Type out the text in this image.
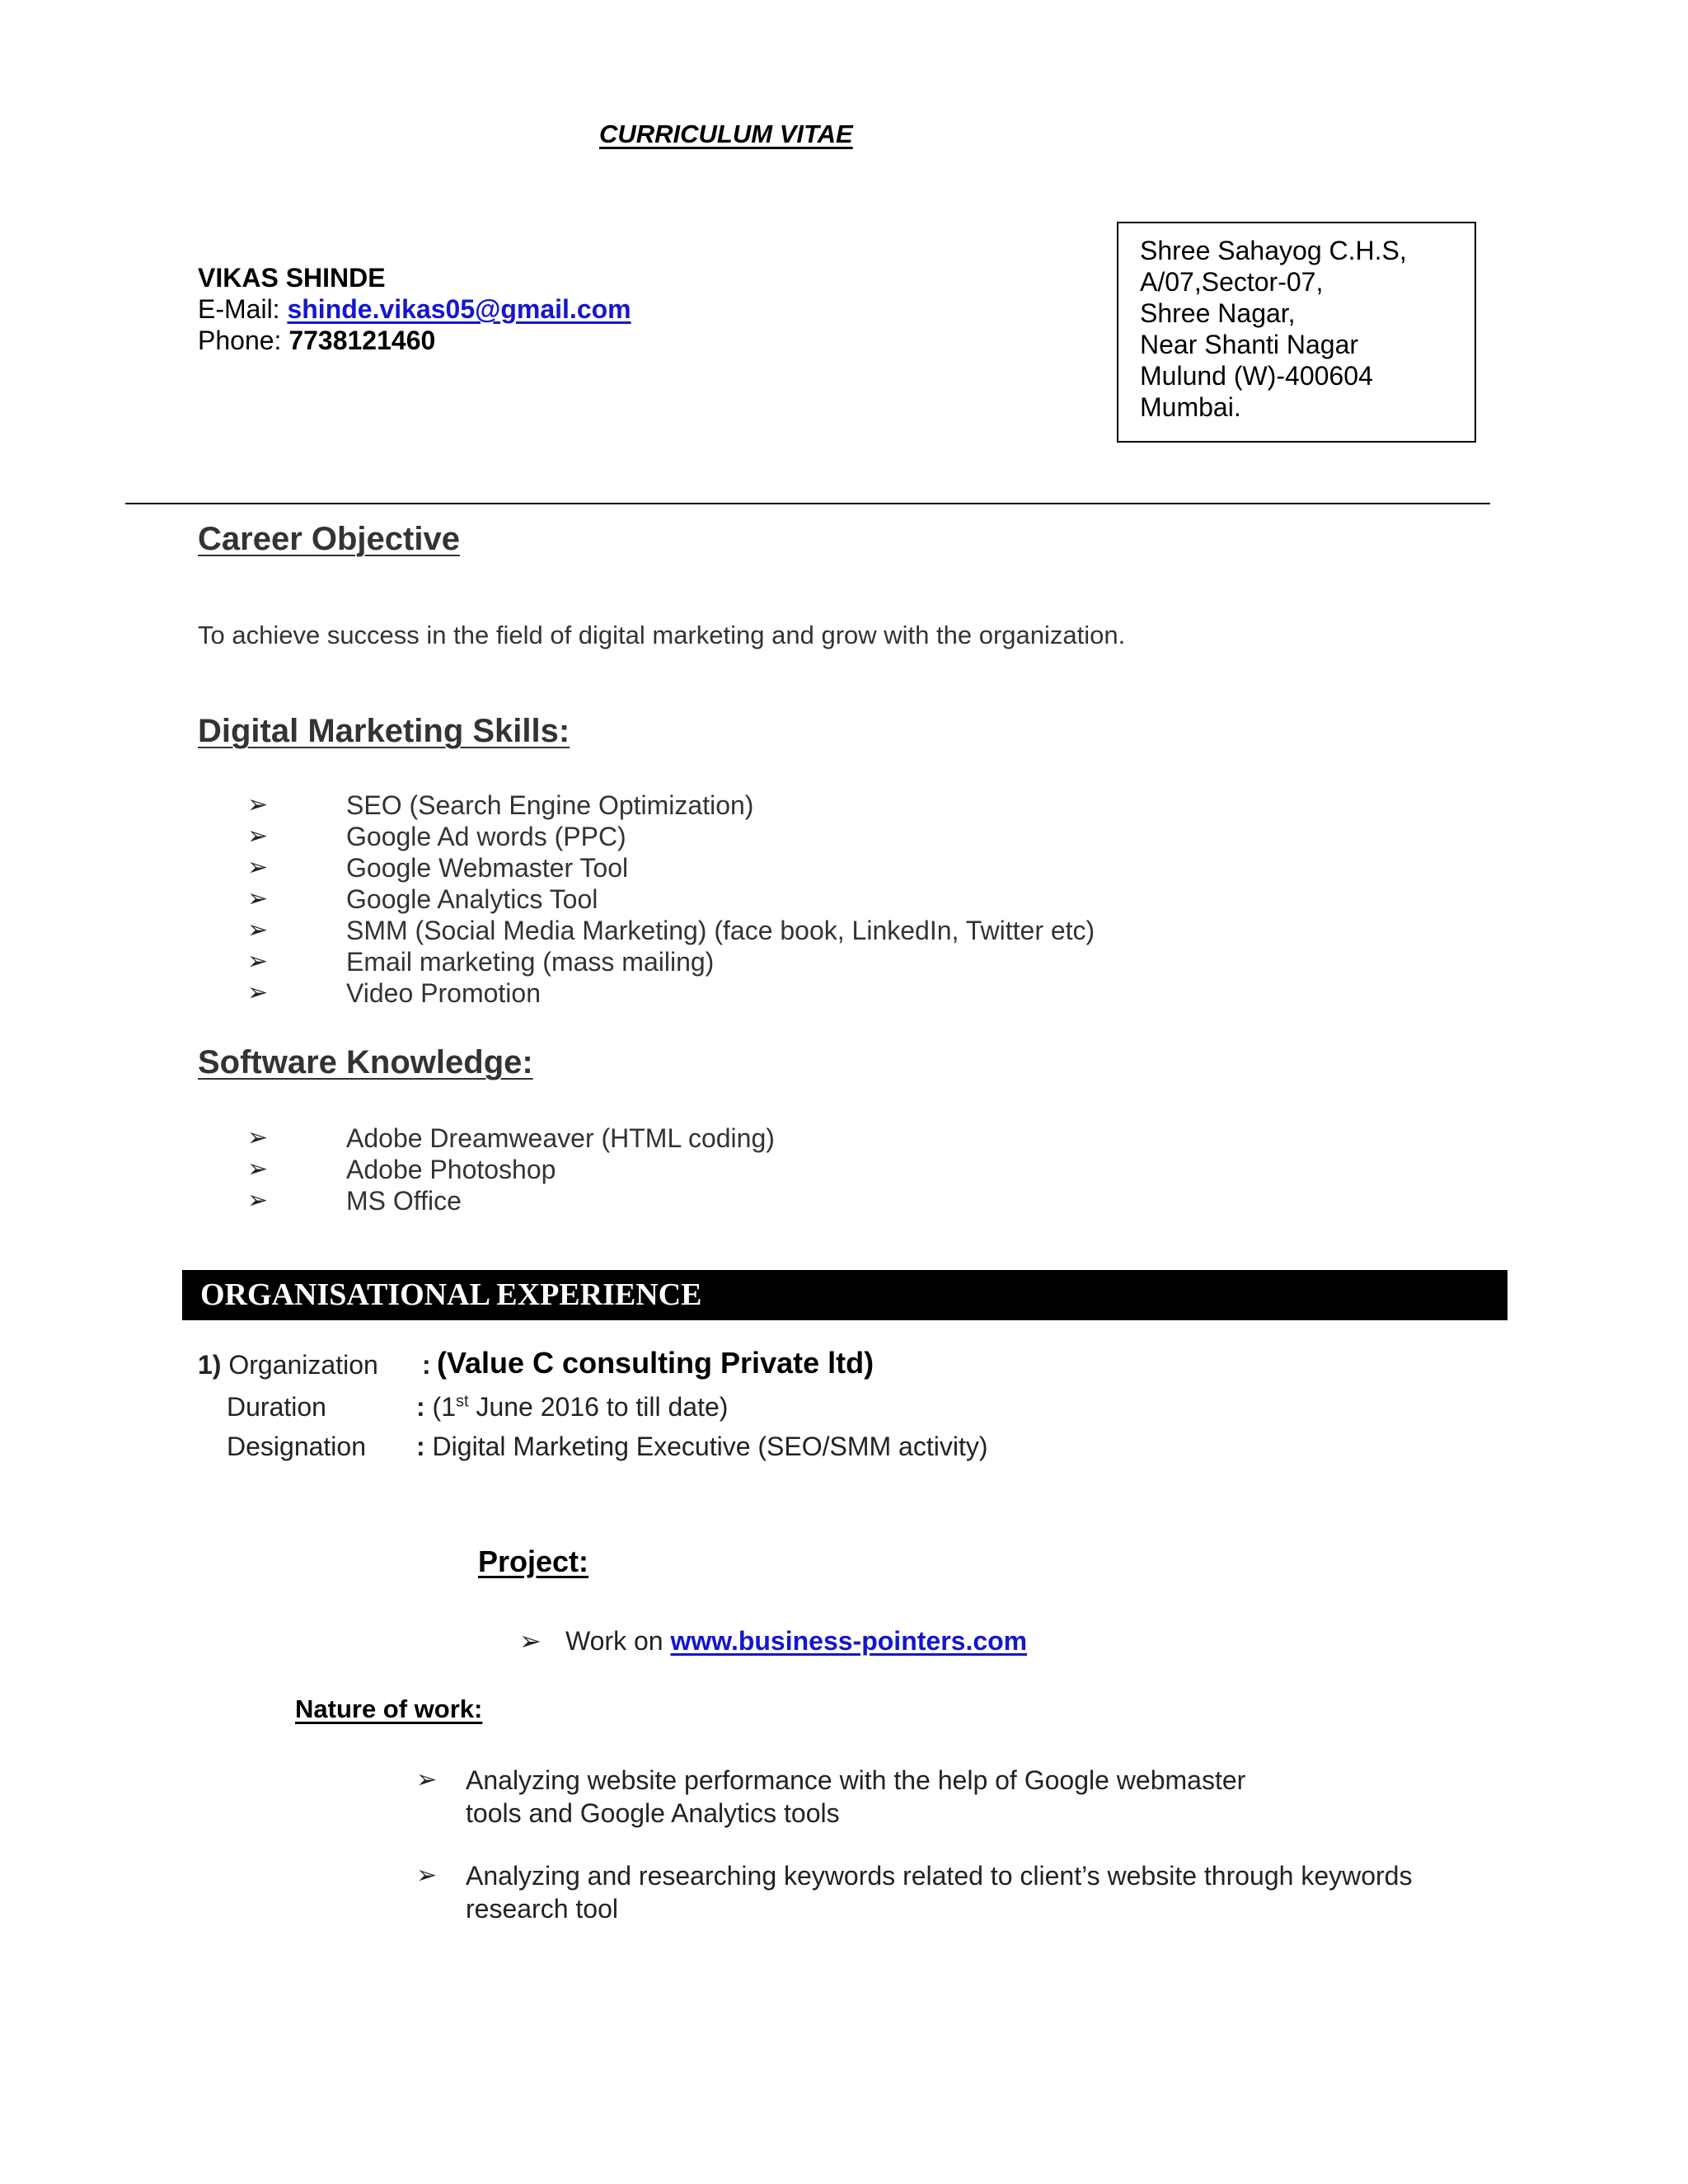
CURRICULUM VITAE
VIKAS SHINDE
E-Mail: shinde.vikas05@gmail.com
Phone: 7738121460
Shree Sahayog C.H.S,
A/07,Sector-07,
Shree Nagar,
Near Shanti Nagar
Mulund (W)-400604
Mumbai.
Career Objective
To achieve success in the field of digital marketing and grow with the organization.
Digital Marketing Skills:
➢	SEO (Search Engine Optimization)
➢	Google Ad words (PPC)
➢	Google Webmaster Tool
➢	Google Analytics Tool
➢	SMM (Social Media Marketing) (face book, LinkedIn, Twitter etc)
➢	Email marketing (mass mailing)
➢	Video Promotion
Software Knowledge:
➢	Adobe Dreamweaver (HTML coding)
➢	Adobe Photoshop
➢	MS Office
ORGANISATIONAL EXPERIENCE
1) Organization : (Value C consulting Private ltd)
Duration	: (1st June 2016 to till date)
Designation : Digital Marketing Executive (SEO/SMM activity)
Project:
➢ Work on www.business-pointers.com
Nature of work:
➢ Analyzing website performance with the help of Google webmaster
tools and Google Analytics tools
➢ Analyzing and researching keywords related to client’s website through keywords
research tool
